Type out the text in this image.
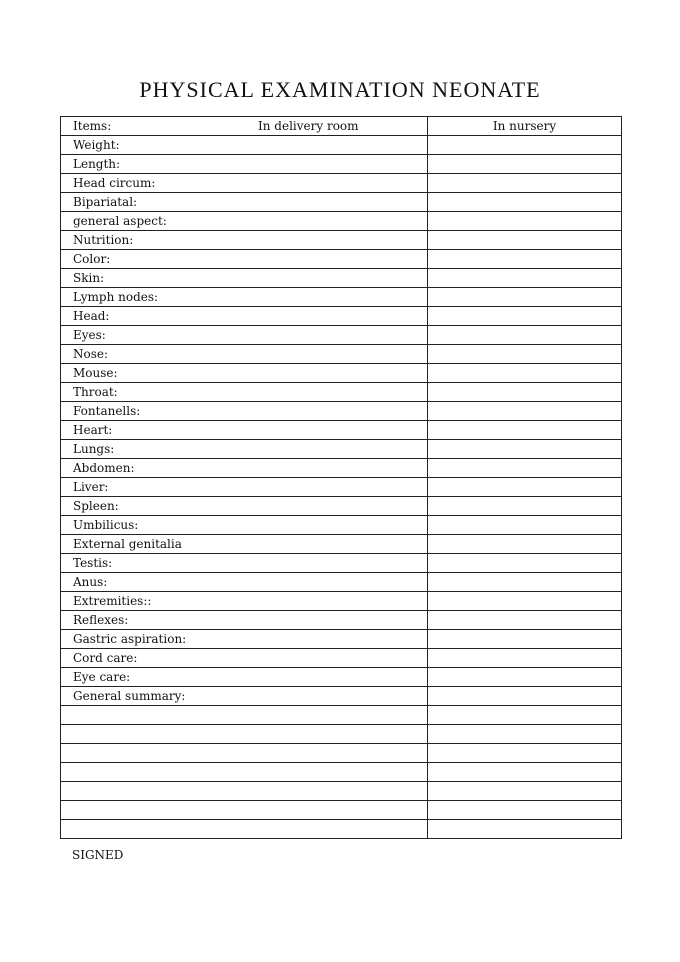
PHYSICAL EXAMINATION NEONATE
Items: In delivery room	In nursery

Weight:	

Length:	

Head circum:	

Bipariatal:	

general aspect:	

Nutrition:	

Color:	

Skin:	

Lymph nodes:	

Head:	

Eyes:	

Nose:	

Mouse:	

Throat:	

Fontanells:	

Heart:	

Lungs:	

Abdomen:	

Liver:	

Spleen:	

Umbilicus:	

External genitalia	

Testis:	

Anus:	

Extremities::	

Reflexes:	

Gastric aspiration:	

Cord care:	

Eye care:	

General summary:	

SIGNED
